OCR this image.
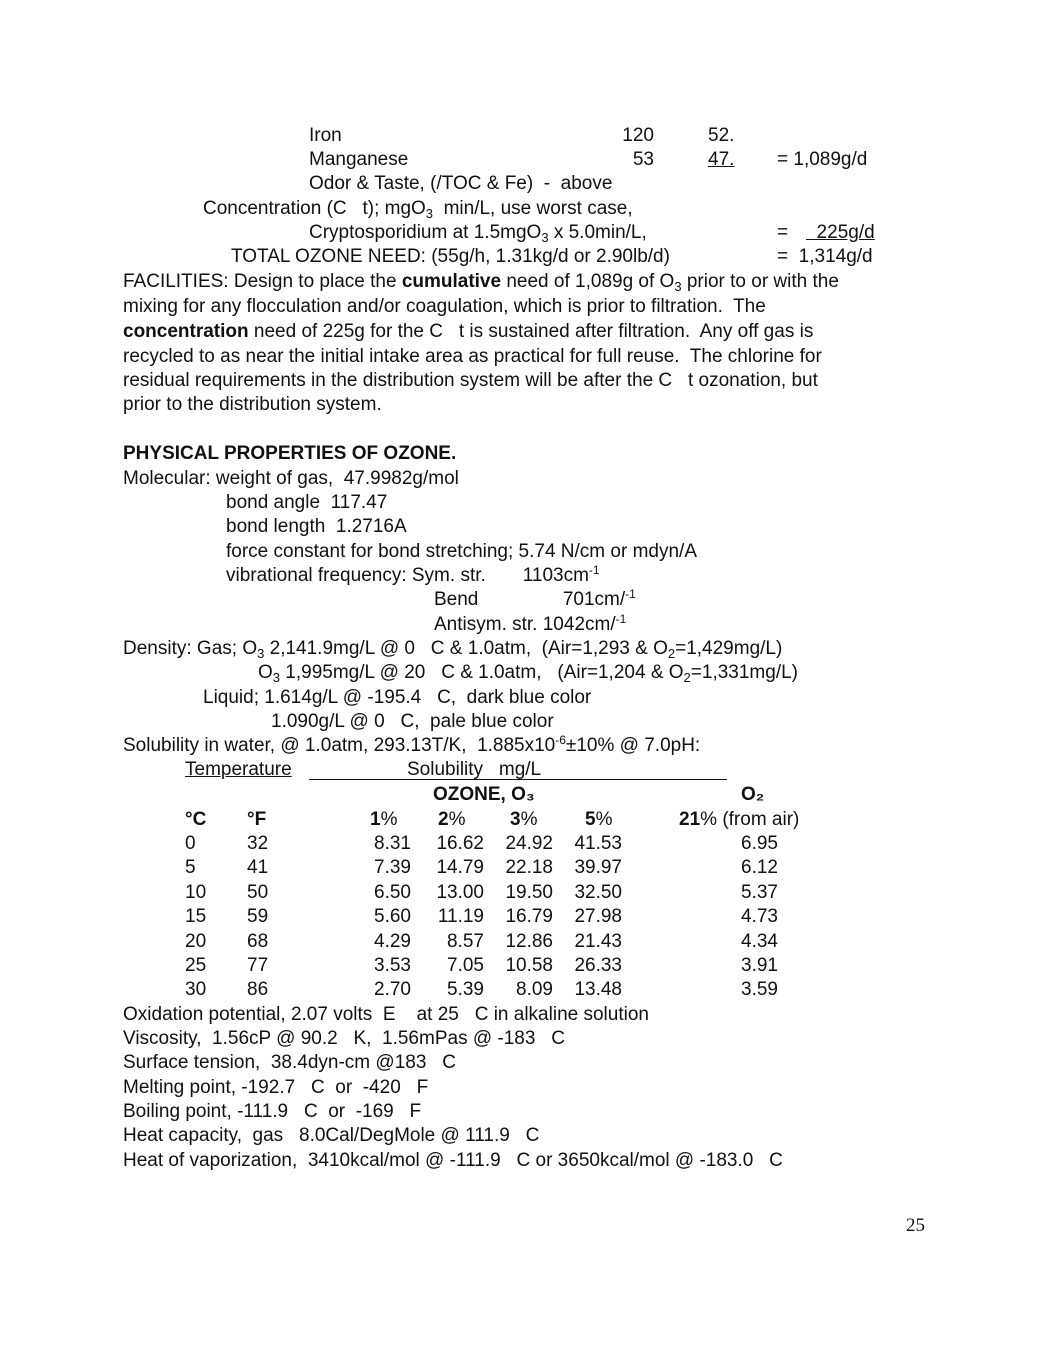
Iron	120	52.
Manganese	53	47. = 1,089g/d
Odor & Taste, (/TOC & Fe)  -  above
Concentration (C   t); mgO$_3$  min/L, use worst case,
Cryptosporidium at 1.5mgO$_3$ x 5.0min/L,	= 225g/d
TOTAL OZONE NEED: (55g/h, 1.31kg/d or 2.90lb/d)	=  1,314g/d
FACILITIES: Design to place the cumulative need of 1,089g of $O_3$ prior to or with the
mixing for any flocculation and/or coagulation, which is prior to filtration.  The
concentration need of 225g for the C   t is sustained after filtration.  Any off gas is
recycled to as near the initial intake area as practical for full reuse.  The chlorine for
residual requirements in the distribution system will be after the C   t ozonation, but
prior to the distribution system.
PHYSICAL PROPERTIES OF OZONE.
Molecular: weight of gas,  47.9982g/mol
bond angle  117.47
bond length  1.2716A
force constant for bond stretching; 5.74 N/cm or mdyn/A
vibrational frequency: Sym. str.       $1103cm^{-1}$
Bend                701cm/$^{-1}$
Antisym. str. 1042cm/$^{-1}$
Density: Gas; $O_3$ 2,141.9mg/L @ 0   C & 1.0atm,  (Air=1,293 & $O_2=1,429mg/L$)
$O_3$ 1,995mg/L @ 20   C & 1.0atm,   (Air=1,204 & $O_2=1,331mg/L$)
Liquid; 1.614g/L @ -195.4   C,  dark blue color
1.090g/L @ 0   C,  pale blue color
Solubility in water, @ 1.0atm, 293.13T/K,  $1.885x10^{-6}\pm 10\%$ @ 7.0pH:
Temperature	Solubility   mg/L
OZONE, O₃	O₂
°C °F	1% 2% 3%	5%	21% (from air)
0	32	8.31	16.62	24.92	41.53	6.95
5	41	7.39	14.79	22.18	39.97	6.12
10 50	6.50	13.00	19.50	32.50	5.37
15 59	5.60	11.19	16.79	27.98	4.73
20 68	4.29	8.57	12.86	21.43	4.34
25 77	3.53	7.05	10.58	26.33	3.91
30 86	2.70	5.39	8.09	13.48	3.59
Oxidation potential, 2.07 volts  E    at 25   C in alkaline solution
Viscosity,  1.56cP @ 90.2   K,  1.56mPas @ -183   C
Surface tension,  38.4dyn-cm @183   C
Melting point, -192.7   C  or  -420   F
Boiling point, -111.9   C  or  -169   F
Heat capacity,  gas   8.0Cal/DegMole @ 111.9   C
Heat of vaporization,  3410kcal/mol @ -111.9   C or 3650kcal/mol @ -183.0   C
25
